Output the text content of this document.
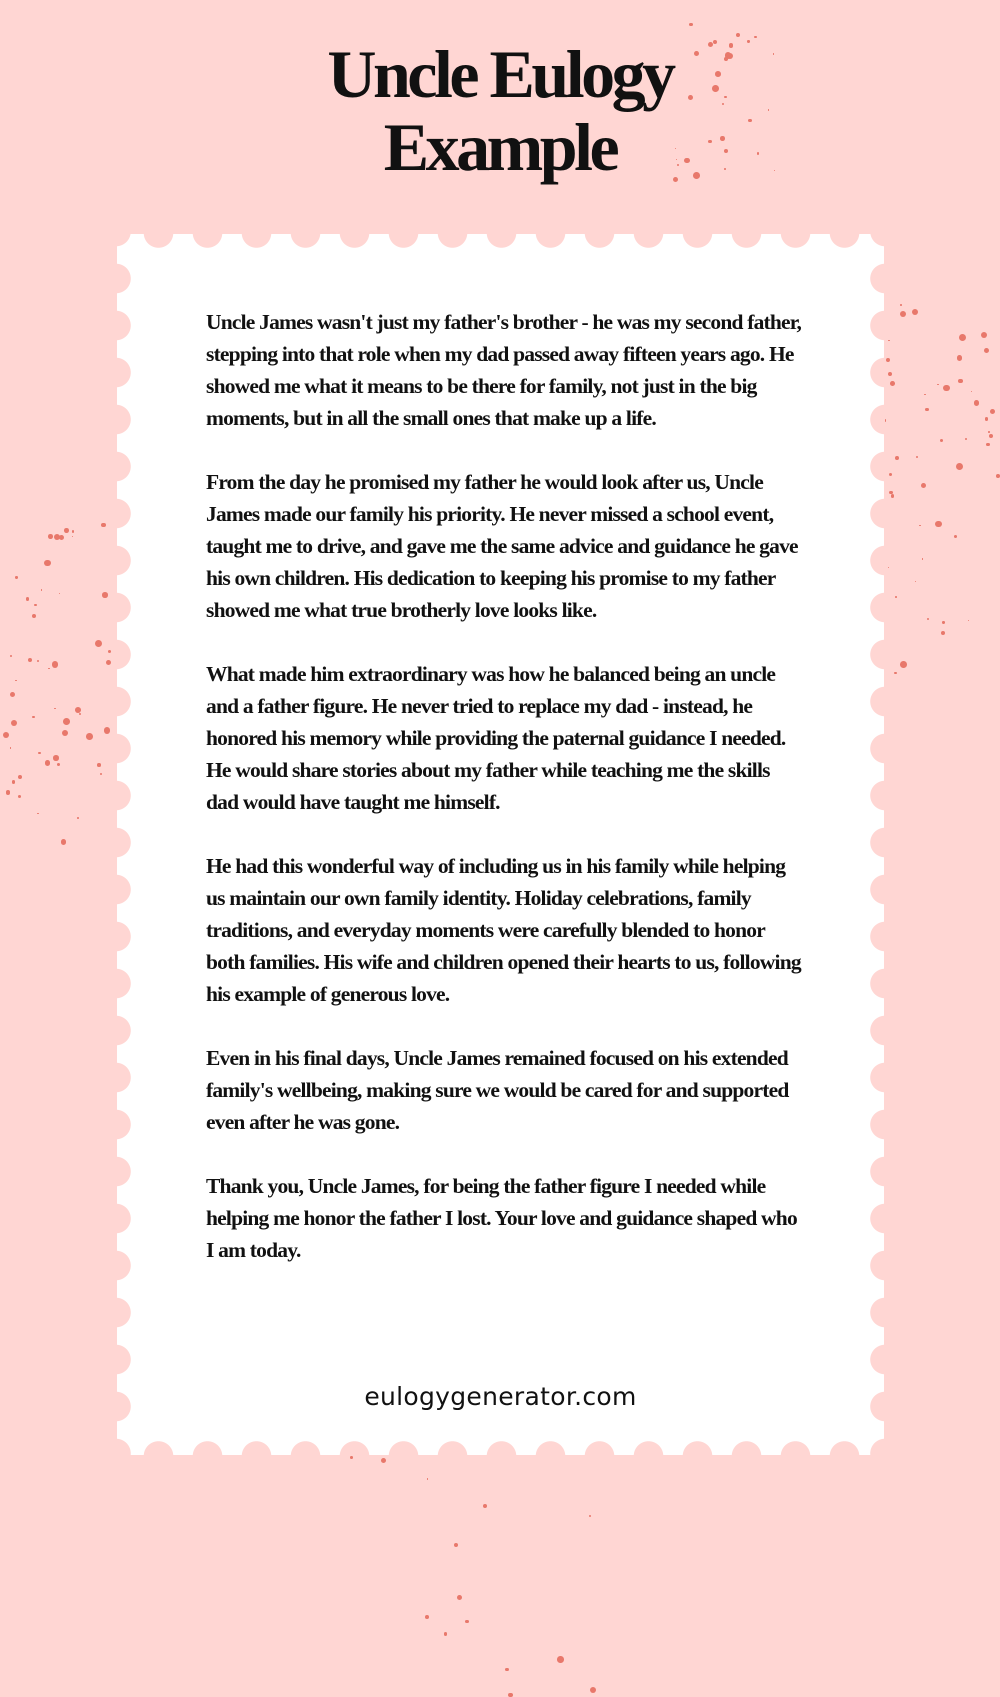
Uncle Eulogy
Example

Uncle James wasn't just my father's brother - he was my second father, stepping into that role when my dad passed away fifteen years ago. He showed me what it means to be there for family, not just in the big moments, but in all the small ones that make up a life.

From the day he promised my father he would look after us, Uncle James made our family his priority. He never missed a school event, taught me to drive, and gave me the same advice and guidance he gave his own children. His dedication to keeping his promise to my father showed me what true brotherly love looks like.

What made him extraordinary was how he balanced being an uncle and a father figure. He never tried to replace my dad - instead, he honored his memory while providing the paternal guidance I needed. He would share stories about my father while teaching me the skills dad would have taught me himself.

He had this wonderful way of including us in his family while helping us maintain our own family identity. Holiday celebrations, family traditions, and everyday moments were carefully blended to honor both families. His wife and children opened their hearts to us, following his example of generous love.

Even in his final days, Uncle James remained focused on his extended family's wellbeing, making sure we would be cared for and supported even after he was gone.

Thank you, Uncle James, for being the father figure I needed while helping me honor the father I lost. Your love and guidance shaped who I am today.

eulogygenerator.com
